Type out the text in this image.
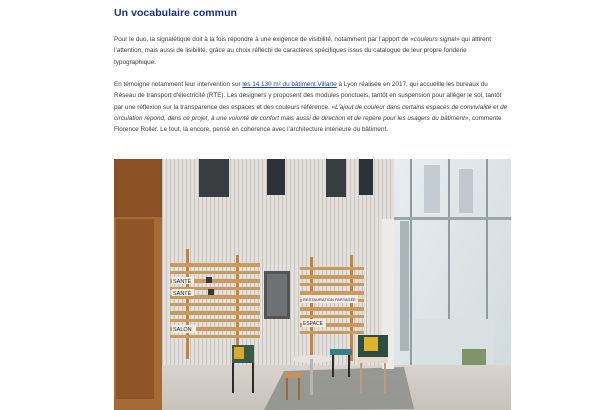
Un vocabulaire commun

Pour le duo, la signalétique doit à la fois répondre à une exigence de visibilité, notamment par l’apport de «couleurs signal» qui attirent l’attention, mais aussi de lisibilité, grâce au choix réfléchi de caractères spécifiques issus du catalogue de leur propre fonderie typographique.

En témoigne notamment leur intervention sur les 14 130 m² du bâtiment Villarte à Lyon réalisée en 2017, qui accueille les bureaux du Réseau de transport d’électricité (RTE). Les designers y proposent des modules ponctuels, tantôt en suspension pour alléger le sol, tantôt par une réflexion sur la transparence des espaces et des couleurs référence. «L’ajout de couleur dans certains espaces de convivialité et de circulation répond, dans ce projet, à une volonté de confort mais aussi de direction et de repère pour les usagers du bâtiment», commente Florence Roller. Le tout, là encore, pensé en cohérence avec l’architecture intérieure du bâtiment.

SANTÉ
SANTÉ
SALON
RESTAURATION PARTAGÉE
ESPACE
